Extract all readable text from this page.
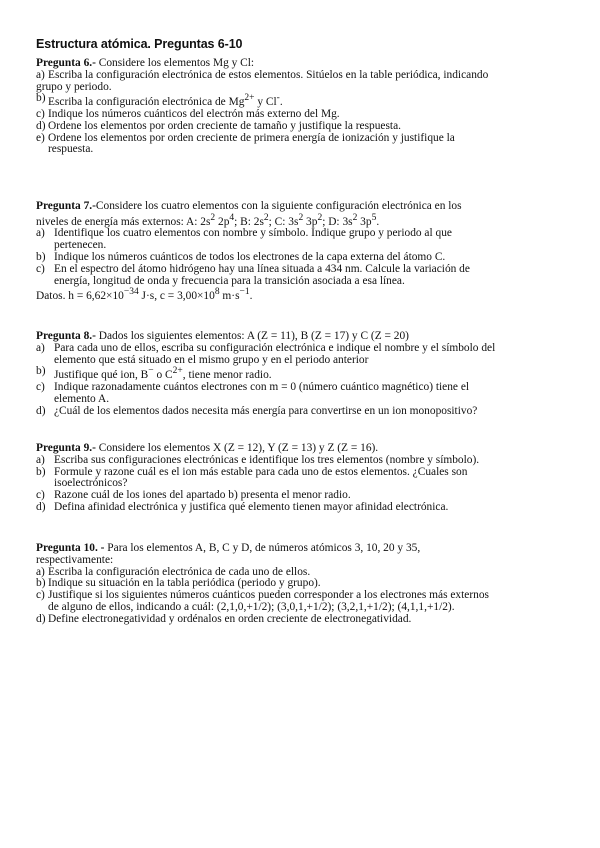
Estructura atómica. Preguntas 6-10

Pregunta 6.- Considere los elementos Mg y Cl:

a) Escriba la configuración electrónica de estos elementos. Sitúelos en la table periódica, indicando

grupo y periodo.

b) Escriba la configuración electrónica de $Mg^{2+}$ y Cl-.
c) Indique los números cuánticos del electrón más externo del Mg.
d) Ordene los elementos por orden creciente de tamaño y justifique la respuesta.
e) Ordene los elementos por orden creciente de primera energía de ionización y justifique la

respuesta.

Pregunta 7.-Considere los cuatro elementos con la siguiente configuración electrónica en los

niveles de energía más externos: A: $2s^2$ $2p^4$; B: $2s^2$; C: $3s^2$ $3p^2$; D: $3s^2$ $3p^5$.

a) Identifique los cuatro elementos con nombre y símbolo. Indique grupo y periodo al que

pertenecen.

b) Indique los números cuánticos de todos los electrones de la capa externa del átomo C.
c) En el espectro del átomo hidrógeno hay una línea situada a 434 nm. Calcule la variación de

energía, longitud de onda y frecuencia para la transición asociada a esa línea.

Datos. $h = 6,62\times 10^{-34}$ J·s, $c = 3,00\times 10^8$ $m\cdot s^{-1}$.

Pregunta 8.- Dados los siguientes elementos: A (Z = 11), B (Z = 17) y C (Z = 20)

a) Para cada uno de ellos, escriba su configuración electrónica e indique el nombre y el símbolo del

elemento que está situado en el mismo grupo y en el periodo anterior

b) Justifique qué ion, B− o $C^{2+}$, tiene menor radio.
c) Indique razonadamente cuántos electrones con m = 0 (número cuántico magnético) tiene el

elemento A.

d) ¿Cuál de los elementos dados necesita más energía para convertirse en un ion monopositivo?

Pregunta 9.- Considere los elementos X (Z = 12), Y (Z = 13) y Z (Z = 16).

a) Escriba sus configuraciones electrónicas e identifique los tres elementos (nombre y símbolo).
b) Formule y razone cuál es el ion más estable para cada uno de estos elementos. ¿Cuales son

isoelectrónicos?

c) Razone cuál de los iones del apartado b) presenta el menor radio.
d) Defina afinidad electrónica y justifica qué elemento tienen mayor afinidad electrónica.

Pregunta 10. - Para los elementos A, B, C y D, de números atómicos 3, 10, 20 y 35,

respectivamente:

a) Escriba la configuración electrónica de cada uno de ellos.
b) Indique su situación en la tabla periódica (periodo y grupo).
c) Justifique si los siguientes números cuánticos pueden corresponder a los electrones más externos

de alguno de ellos, indicando a cuál: (2,1,0,+1/2); (3,0,1,+1/2); (3,2,1,+1/2); (4,1,1,+1/2).

d) Define electronegatividad y ordénalos en orden creciente de electronegatividad.
